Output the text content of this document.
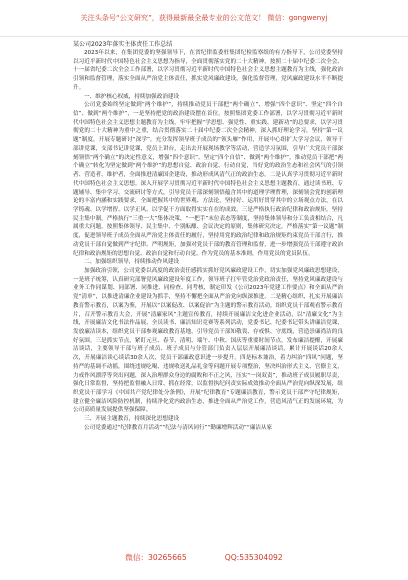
关注头条号“公文研究”，获得最新最全最专业的公文范文！ 微信：gongwenyj

某公司2023年落实主体责任工作总结

2023年以来，在集团党委的坚强领导下，在省纪律监委驻集团纪检监察组的有力指导下，公司党委坚持以习近平新时代中国特色社会主义思想为指导，全面贯彻落实党的二十大精神，按照二十届中纪委二次全会、十一届省纪委二次全会工作部署，以学习贯彻习近平新时代中国特色社会主义思想主题教育为主线，强化政治引领和监督管理，落实全面从严治党主体责任，抓实党风廉政建设，强化监督管理，党风廉政建设水平不断提升。

一、维护核心权威，持续加强政治建设

公司党委始终坚定做到“两个维护”，持续推动党员干部把“两个确立”、增强“四个意识”、坚定“四个自信”、做到“两个维护”，一是坚持把党的政治建设摆在首位。按照集团党委工作部署，以学习贯彻习近平新时代中国特色社会主义思想主题教育为主线，牢牢把握“学思想、强党性、重实践、建新功”的总要求，以学习贯彻党的二十大精神为重中之重，结合贯彻落实二十届中纪委二次全会精神，深入抓好理论学习，坚持“第一议题”制度，开展专题研讨“深学”，充分发挥领导班子成员的“领头雁”作用，开展中心组扩大学习会议，领导干部讲党课，支部书记讲党课，党员上讲台，走出去开展现场教学等活动，营造学习氛围，引导广大党员干部深刻领悟“两个确立”的决定性意义，增强“四个意识”、坚定“四个自信”、做到“两个维护”，推动党员干部把“两个确立”转化为坚定做到“两个维护”的思想自觉、政治自觉、行动自觉，当好党的政治生态和社会风气的引领者、营造者、维护者，全面推进清廉国企建设，推动形成风清气正的政治生态。二是认真学习贯彻习近平新时代中国特色社会主义思想。深入开展学习贯彻习近平新时代中国特色社会主义思想主题教育，通过读书班、专题辅导、集中学习、交流研讨等方式，引导党员干部深刻领悟蕴含其中的道理学理哲理，深刻领会党的创新理论的丰富内涵和实践要求，全面把握其中的世界观、方法论，坚持好、运用好贯穿其中的立场观点方法，在以学铸魂、以学增智、以学正风、以学促干方面取得实实在在的成效。三是严格执行政治纪律和政治规矩。坚持民主集中制，严格执行“三重一大”集体决策、“一把手”末位表态等制度，坚持集体领导和分工负责相结合，凡属重大问题，按照集体领导、民主集中、个别酝酿、会议决定的原则，集体研究决定，严格落实“第一议题”制度，促进领导班子成员全面从严治党主体责任的履行，坚持用党的政治纪律和政治规矩约束党员干部言行，推动党员干部自觉做到严守纪律、严明规矩，加强对党员干部的教育管理和监督，进一步增强党员干部遵守政治纪律和政治规矩的思想自觉、政治自觉和行动自觉，作为党员的基本准则，作用党员的党员队伍。

二、加强组织领导，持续推动作风建设

加强政治引领，公司党委以高度的政治责任感抓实抓好党风廉政建设工作，切实加强党风廉政思想建设，一是班子统筹，认真研究部署党风廉政建设年度工作，领导班子扛牢管党治党政治责任，坚持党风廉政建设与业务工作同谋划、同部署、同推进、同检查、同考核，制定印发《公司2023年党建工作要点》和全面从严治党“清单”，以推进清廉企业建设为抓手，坚持不懈把全面从严治党向纵深推进。二是精心组织，扎实开展廉洁教育警示教育，以案为鉴，开展以“以案促改、以案促治”为主题的警示教育活动，组织党员干部观看警示教育片，召开警示教育大会，开展“清廉家风”主题宣传教育，持续开展廉洁文化进企业活动，以“清廉文化”为主线，开展廉洁文化书法作品展、全员读书、廉洁知识竞赛等系列活动，党委书记、纪委书记带头讲廉洁党课，发放廉洁读本，组织党员干部参观廉政教育基地，引导党员干部知敬畏、存戒惧、守底线，营造崇廉尚洁的良好氛围。三是抓实节点，紧盯元旦、春节、清明、端午、中秋、国庆等重要时间节点，发布廉洁提醒，开展廉洁谈话，主要领导干部与班子成员、班子成员与分管部门负责人层层开展廉洁谈话，累计开展谈话20余人次，开展廉洁谈心谈话30余人次，党员干部廉政意识进一步提升。四是标本兼治，着力纠治“四风”问题，坚持严的基调不动摇，围绕违规吃喝、违规收送礼品礼金等问题开展专项整治，坚决纠治形式主义、官僚主义，力戒作风漂浮等突出问题，深入治理群众身边的腐败和不正之风，压实“一岗双责”，推动班子成员履职尽责，强化日常监督，坚持把监督融入日常、抓在经常，以监督执纪问责实际成效推动全面从严治党向纵深发展，组织党员干部学习《中国共产党纪律处分条例》，开展“纪律教育”专题廉洁教育，警示党员干部严守纪律规矩，建立健全廉洁风险防控机制，持续净化党内政治生态，推进全面从严治党工作，营造风清气正的发展环境，为公司高质量发展提供坚强保障。

三、开展主题教育，持续深化思想建设

公司党委通过“纪律教育月活动”“纪法与清风同行”“勤廉增辉活动”“廉洁从家

微信：30265665	QQ:535304092
